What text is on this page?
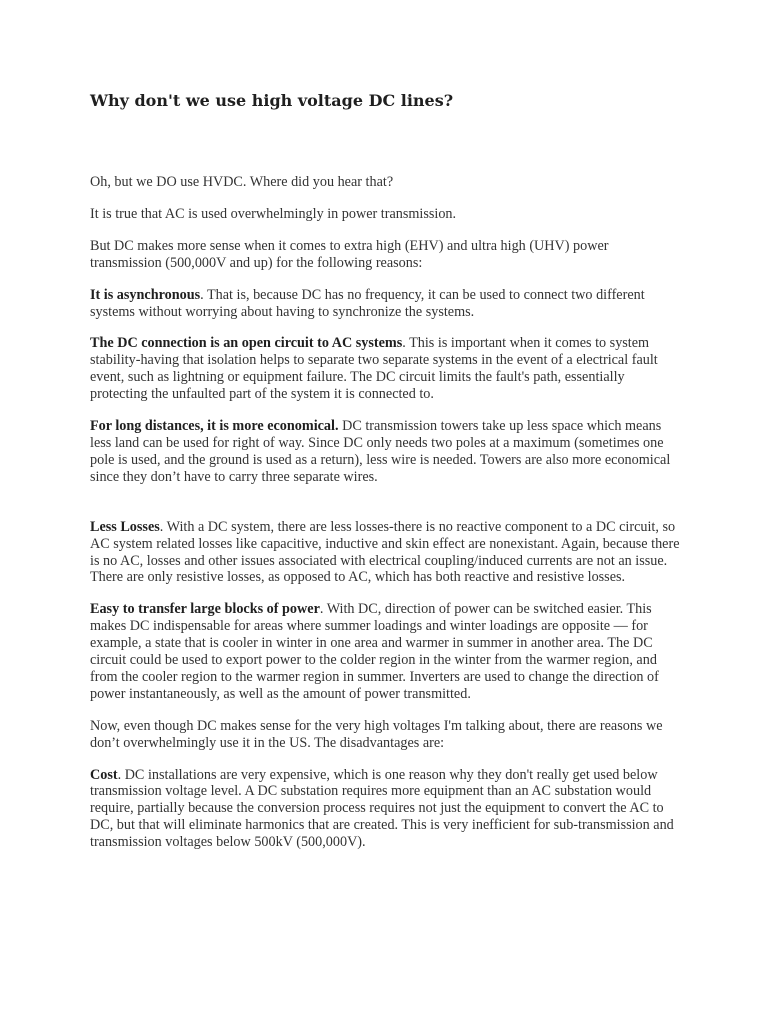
Why don't we use high voltage DC lines?

Oh, but we DO use HVDC. Where did you hear that?

It is true that AC is used overwhelmingly in power transmission.

But DC makes more sense when it comes to extra high (EHV) and ultra high (UHV) power transmission (500,000V and up) for the following reasons:

It is asynchronous. That is, because DC has no frequency, it can be used to connect two different systems without worrying about having to synchronize the systems.

The DC connection is an open circuit to AC systems. This is important when it comes to system stability-having that isolation helps to separate two separate systems in the event of a electrical fault event, such as lightning or equipment failure. The DC circuit limits the fault's path, essentially protecting the unfaulted part of the system it is connected to.

For long distances, it is more economical. DC transmission towers take up less space which means less land can be used for right of way. Since DC only needs two poles at a maximum (sometimes one pole is used, and the ground is used as a return), less wire is needed. Towers are also more economical since they don’t have to carry three separate wires.

Less Losses. With a DC system, there are less losses-there is no reactive component to a DC circuit, so AC system related losses like capacitive, inductive and skin effect are nonexistant. Again, because there is no AC, losses and other issues associated with electrical coupling/induced currents are not an issue. There are only resistive losses, as opposed to AC, which has both reactive and resistive losses.

Easy to transfer large blocks of power. With DC, direction of power can be switched easier. This makes DC indispensable for areas where summer loadings and winter loadings are opposite — for example, a state that is cooler in winter in one area and warmer in summer in another area. The DC circuit could be used to export power to the colder region in the winter from the warmer region, and from the cooler region to the warmer region in summer. Inverters are used to change the direction of power instantaneously, as well as the amount of power transmitted.

Now, even though DC makes sense for the very high voltages I'm talking about, there are reasons we don’t overwhelmingly use it in the US. The disadvantages are:

Cost. DC installations are very expensive, which is one reason why they don't really get used below transmission voltage level. A DC substation requires more equipment than an AC substation would require, partially because the conversion process requires not just the equipment to convert the AC to DC, but that will eliminate harmonics that are created. This is very inefficient for sub-transmission and transmission voltages below 500kV (500,000V).
